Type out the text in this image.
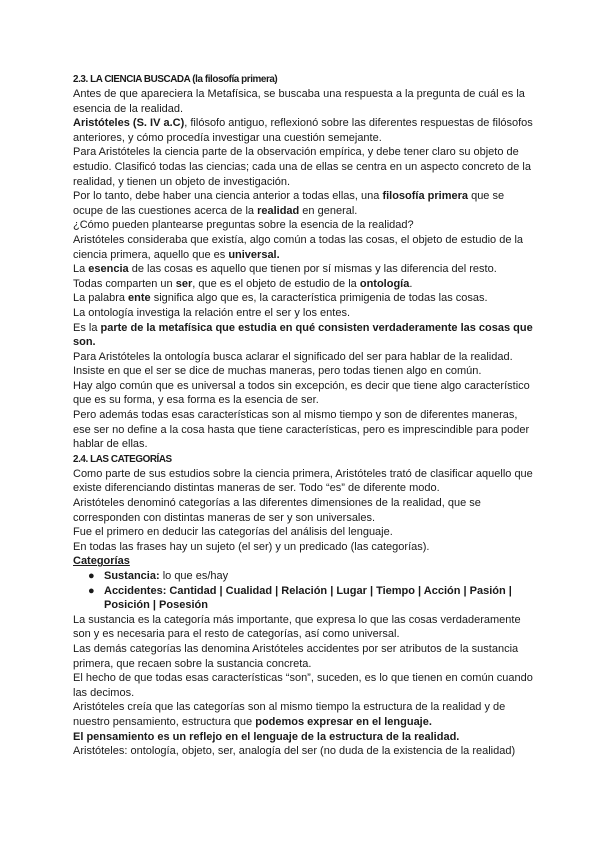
2.3. LA CIENCIA BUSCADA (la filosofía primera)

Antes de que apareciera la Metafísica, se buscaba una respuesta a la pregunta de cuál es la esencia de la realidad.

Aristóteles (S. IV a.C), filósofo antiguo, reflexionó sobre las diferentes respuestas de filósofos anteriores, y cómo procedía investigar una cuestión semejante.

Para Aristóteles la ciencia parte de la observación empírica, y debe tener claro su objeto de estudio. Clasificó todas las ciencias; cada una de ellas se centra en un aspecto concreto de la realidad, y tienen un objeto de investigación.

Por lo tanto, debe haber una ciencia anterior a todas ellas, una filosofía primera que se ocupe de las cuestiones acerca de la realidad en general.

¿Cómo pueden plantearse preguntas sobre la esencia de la realidad?

Aristóteles consideraba que existía, algo común a todas las cosas, el objeto de estudio de la ciencia primera, aquello que es universal.

La esencia de las cosas es aquello que tienen por sí mismas y las diferencia del resto.

Todas comparten un ser, que es el objeto de estudio de la ontología.

La palabra ente significa algo que es, la característica primigenia de todas las cosas.

La ontología investiga la relación entre el ser y los entes.

Es la parte de la metafísica que estudia en qué consisten verdaderamente las cosas que son.

Para Aristóteles la ontología busca aclarar el significado del ser para hablar de la realidad.

Insiste en que el ser se dice de muchas maneras, pero todas tienen algo en común.

Hay algo común que es universal a todos sin excepción, es decir que tiene algo característico que es su forma, y esa forma es la esencia de ser.

Pero además todas esas características son al mismo tiempo y son de diferentes maneras, ese ser no define a la cosa hasta que tiene características, pero es imprescindible para poder hablar de ellas.

2.4. LAS CATEGORÍAS

Como parte de sus estudios sobre la ciencia primera, Aristóteles trató de clasificar aquello que existe diferenciando distintas maneras de ser. Todo “es” de diferente modo.

Aristóteles denominó categorías a las diferentes dimensiones de la realidad, que se corresponden con distintas maneras de ser y son universales.

Fue el primero en deducir las categorías del análisis del lenguaje.

En todas las frases hay un sujeto (el ser) y un predicado (las categorías).

Categorías

● Sustancia: lo que es/hay
● Accidentes: Cantidad | Cualidad | Relación | Lugar | Tiempo | Acción | Pasión | Posición | Posesión

La sustancia es la categoría más importante, que expresa lo que las cosas verdaderamente son y es necesaria para el resto de categorías, así como universal.

Las demás categorías las denomina Aristóteles accidentes por ser atributos de la sustancia primera, que recaen sobre la sustancia concreta.

El hecho de que todas esas características “son”, suceden, es lo que tienen en común cuando las decimos.

Aristóteles creía que las categorías son al mismo tiempo la estructura de la realidad y de nuestro pensamiento, estructura que podemos expresar en el lenguaje.

El pensamiento es un reflejo en el lenguaje de la estructura de la realidad.

Aristóteles: ontología, objeto, ser, analogía del ser (no duda de la existencia de la realidad)
